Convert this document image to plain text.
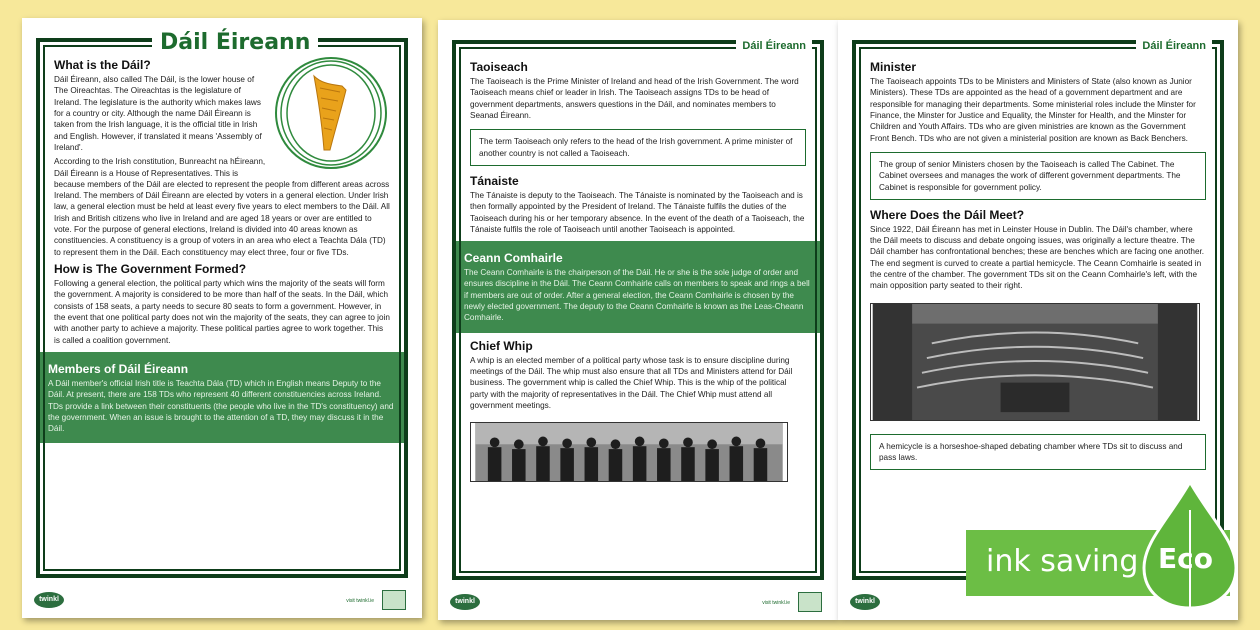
What is the Dáil?

Dáil Éireann, also called The Dáil, is the lower house of The Oireachtas. The Oireachtas is the legislature of Ireland. The legislature is the authority which makes laws for a country or city. Although the name Dáil Éireann is taken from the Irish language, it is the official title in Irish and English. However, if translated it means 'Assembly of Ireland'.

According to the Irish constitution, Bunreacht na hÉireann, Dáil Éireann is a House of Representatives. This is because members of the Dáil are elected to represent the people from different areas across Ireland. The members of Dáil Éireann are elected by voters in a general election. Under Irish law, a general election must be held at least every five years to elect members to the Dáil. All Irish and British citizens who live in Ireland and are aged 18 years or over are entitled to vote. For the purpose of general elections, Ireland is divided into 40 areas known as constituencies. A constituency is a group of voters in an area who elect a Teachta Dála (TD) to represent them in the Dáil. Each constituency may elect three, four or five TDs.

How is The Government Formed?

Following a general election, the political party which wins the majority of the seats will form the government. A majority is considered to be more than half of the seats. In the Dáil, which consists of 158 seats, a party needs to secure 80 seats to form a government. However, in the event that one political party does not win the majority of the seats, they can agree to join with another party to achieve a majority. These political parties agree to work together. This is called a coalition government.

Members of Dáil Éireann

A Dáil member's official Irish title is Teachta Dála (TD) which in English means Deputy to the Dáil. At present, there are 158 TDs who represent 40 different constituencies across Ireland. TDs provide a link between their constituents (the people who live in the TD's constituency) and the government. When an issue is brought to the attention of a TD, they may discuss it in the Dáil.

Dáil Éireann
twinkl	visit twinkl.ie
Taoiseach

The Taoiseach is the Prime Minister of Ireland and head of the Irish Government. The word Taoiseach means chief or leader in Irish. The Taoiseach assigns TDs to be head of government departments, answers questions in the Dáil, and nominates members to Seanad Éireann.

The term Taoiseach only refers to the head of the Irish government. A prime minister of another country is not called a Taoiseach.

Tánaiste

The Tánaiste is deputy to the Taoiseach. The Tánaiste is nominated by the Taoiseach and is then formally appointed by the President of Ireland. The Tánaiste fulfils the duties of the Taoiseach during his or her temporary absence. In the event of the death of a Taoiseach, the Tánaiste fulfils the role of Taoiseach until another Taoiseach is appointed.

Ceann Comhairle

The Ceann Comhairle is the chairperson of the Dáil. He or she is the sole judge of order and ensures discipline in the Dáil. The Ceann Comhairle calls on members to speak and rings a bell if members are out of order. After a general election, the Ceann Comhairle is chosen by the newly elected government. The deputy to the Ceann Comhairle is known as the Leas-Cheann Comhairle.

Chief Whip

A whip is an elected member of a political party whose task is to ensure discipline during meetings of the Dáil. The whip must also ensure that all TDs and Ministers attend for Dáil business. The government whip is called the Chief Whip. This is the whip of the political party with the majority of representatives in the Dáil. The Chief Whip must attend all government meetings.

Dáil Éireann
twinkl	visit twinkl.ie
Minister

The Taoiseach appoints TDs to be Ministers and Ministers of State (also known as Junior Ministers). These TDs are appointed as the head of a government department and are responsible for managing their departments. Some ministerial roles include the Minster for Finance, the Minster for Justice and Equality, the Minster for Health, and the Minster for Children and Youth Affairs. TDs who are given ministries are known as the Government Front Bench. TDs who are not given a ministerial position are known as Back Benchers.

The group of senior Ministers chosen by the Taoiseach is called The Cabinet. The Cabinet oversees and manages the work of different government departments. The Cabinet is responsible for government policy.

Where Does the Dáil Meet?

Since 1922, Dáil Éireann has met in Leinster House in Dublin. The Dáil's chamber, where the Dáil meets to discuss and debate ongoing issues, was originally a lecture theatre. The Dáil chamber has confrontational benches; these are benches which are facing one another. The end segment is curved to create a partial hemicycle. The Ceann Comhairle is seated in the centre of the chamber. The government TDs sit on the Ceann Comhairle's left, with the main opposition party seated to their right.

A hemicycle is a horseshoe-shaped debating chamber where TDs sit to discuss and pass laws.

Dáil Éireann
twinkl
ink saving Eco
